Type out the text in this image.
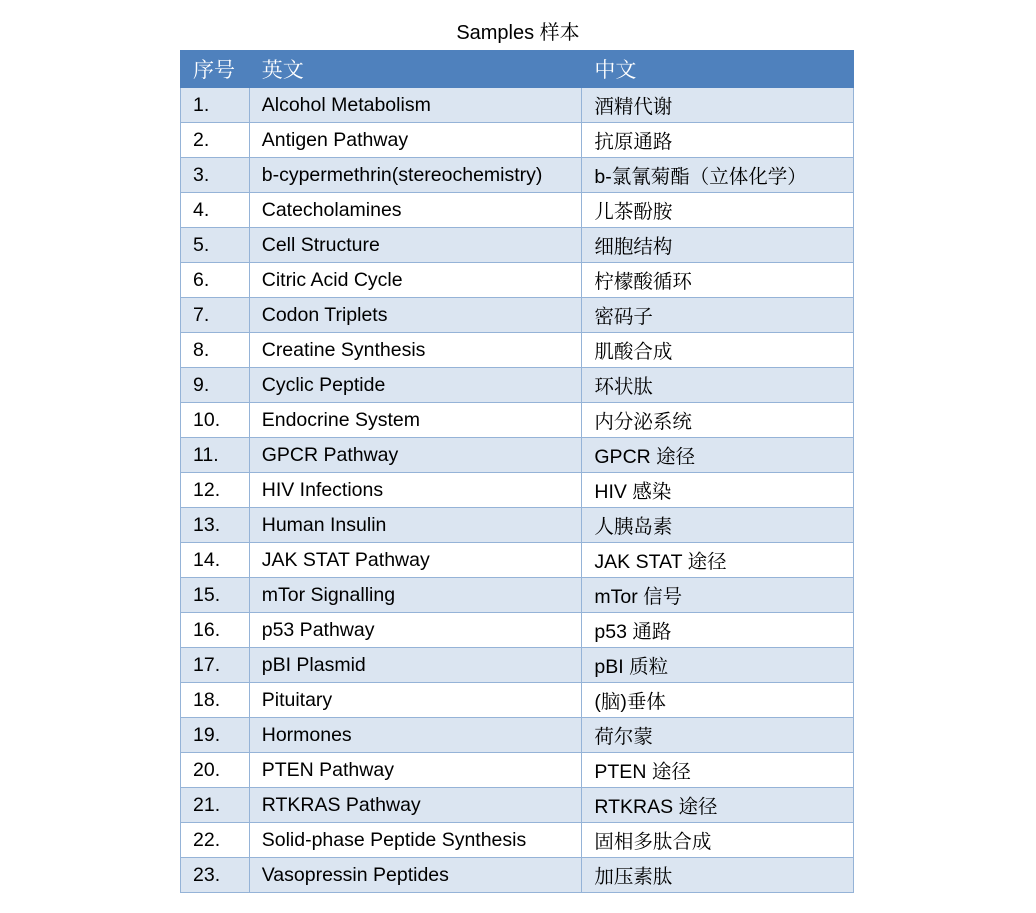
Samples 样本
序号	英文	中文
1.	Alcohol Metabolism	酒精代谢
2.	Antigen Pathway	抗原通路
3.	b-cypermethrin(stereochemistry)	b-氯氰菊酯（立体化学）
4.	Catecholamines	儿茶酚胺
5.	Cell Structure	细胞结构
6.	Citric Acid Cycle	柠檬酸循环
7.	Codon Triplets	密码子
8.	Creatine Synthesis	肌酸合成
9.	Cyclic Peptide	环状肽
10.	Endocrine System	内分泌系统
11.	GPCR Pathway	GPCR 途径
12.	HIV Infections	HIV 感染
13.	Human Insulin	人胰岛素
14.	JAK STAT Pathway	JAK STAT 途径
15.	mTor Signalling	mTor 信号
16.	p53 Pathway	p53 通路
17.	pBI Plasmid	pBI 质粒
18.	Pituitary	(脑)垂体
19.	Hormones	荷尔蒙
20.	PTEN Pathway	PTEN 途径
21.	RTKRAS Pathway	RTKRAS 途径
22.	Solid-phase Peptide Synthesis	固相多肽合成
23.	Vasopressin Peptides	加压素肽
